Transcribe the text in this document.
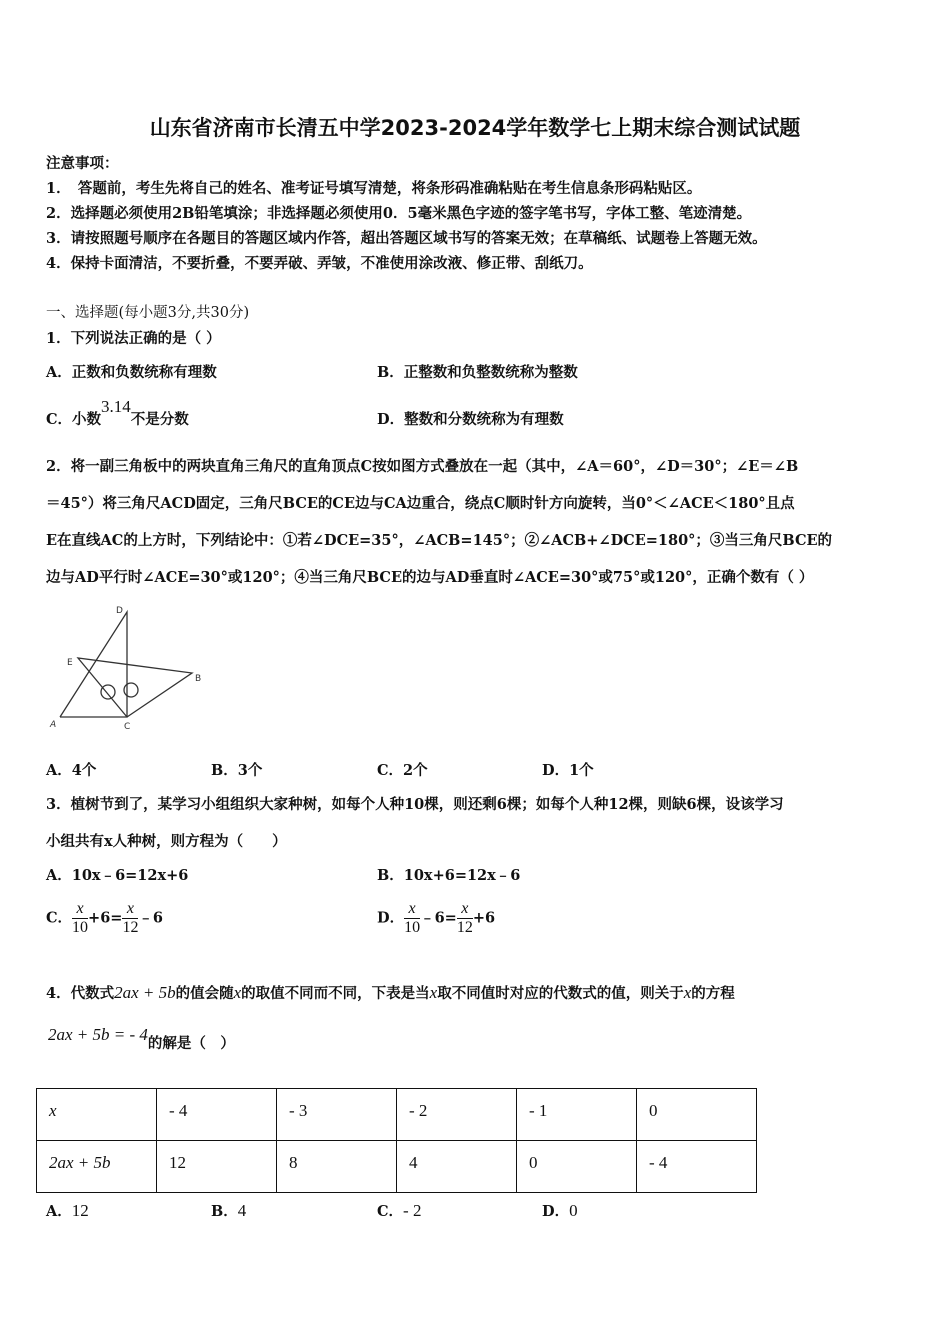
山东省济南市长清五中学2023-2024学年数学七上期末综合测试试题
注意事项：
1．　答题前，考生先将自己的姓名、准考证号填写清楚，将条形码准确粘贴在考生信息条形码粘贴区。
2．选择题必须使用2B铅笔填涂；非选择题必须使用0．5毫米黑色字迹的签字笔书写，字体工整、笔迹清楚。
3．请按照题号顺序在各题目的答题区域内作答，超出答题区域书写的答案无效；在草稿纸、试题卷上答题无效。
4．保持卡面清洁，不要折叠，不要弄破、弄皱，不准使用涂改液、修正带、刮纸刀。
一、选择题(每小题3分,共30分)
1．下列说法正确的是（ ）
A．正数和负数统称有理数	B．正整数和负整数统称为整数
C．小数3.14不是分数	D．整数和分数统称为有理数
2．将一副三角板中的两块直角三角尺的直角顶点C按如图方式叠放在一起（其中，∠A＝60°，∠D＝30°；∠E＝∠B
＝45°）将三角尺ACD固定，三角尺BCE的CE边与CA边重合，绕点C顺时针方向旋转，当0°＜∠ACE＜180°且点
E在直线AC的上方时，下列结论中：①若∠DCE=35°，∠ACB=145°；②∠ACB+∠DCE=180°；③当三角尺BCE的
边与AD平行时∠ACE=30°或120°；④当三角尺BCE的边与AD垂直时∠ACE=30°或75°或120°，正确个数有（ ）
D
E
B
A	C
A．4个	B．3个	C．2个	D．1个
3．植树节到了，某学习小组组织大家种树，如每个人种10棵，则还剩6棵；如每个人种12棵，则缺6棵，设该学习
小组共有x人种树，则方程为（　　）
A．10x﹣6=12x+6	B．10x+6=12x﹣6
C． $\frac{x}{10} +6= \frac{x}{12}$ ﹣6	D． $\frac{x}{10}$ ﹣6= $\frac{x}{12} +6$
4．代数式2ax + 5b的值会随x的取值不同而不同，下表是当x取不同值时对应的代数式的值，则关于x的方程
2ax + 5b = - 4的解是（　）
x	- 4	- 3	- 2	- 1	0
2ax + 5b	12	8	4	0	- 4
A．12	B．4	C．- 2	D．0
